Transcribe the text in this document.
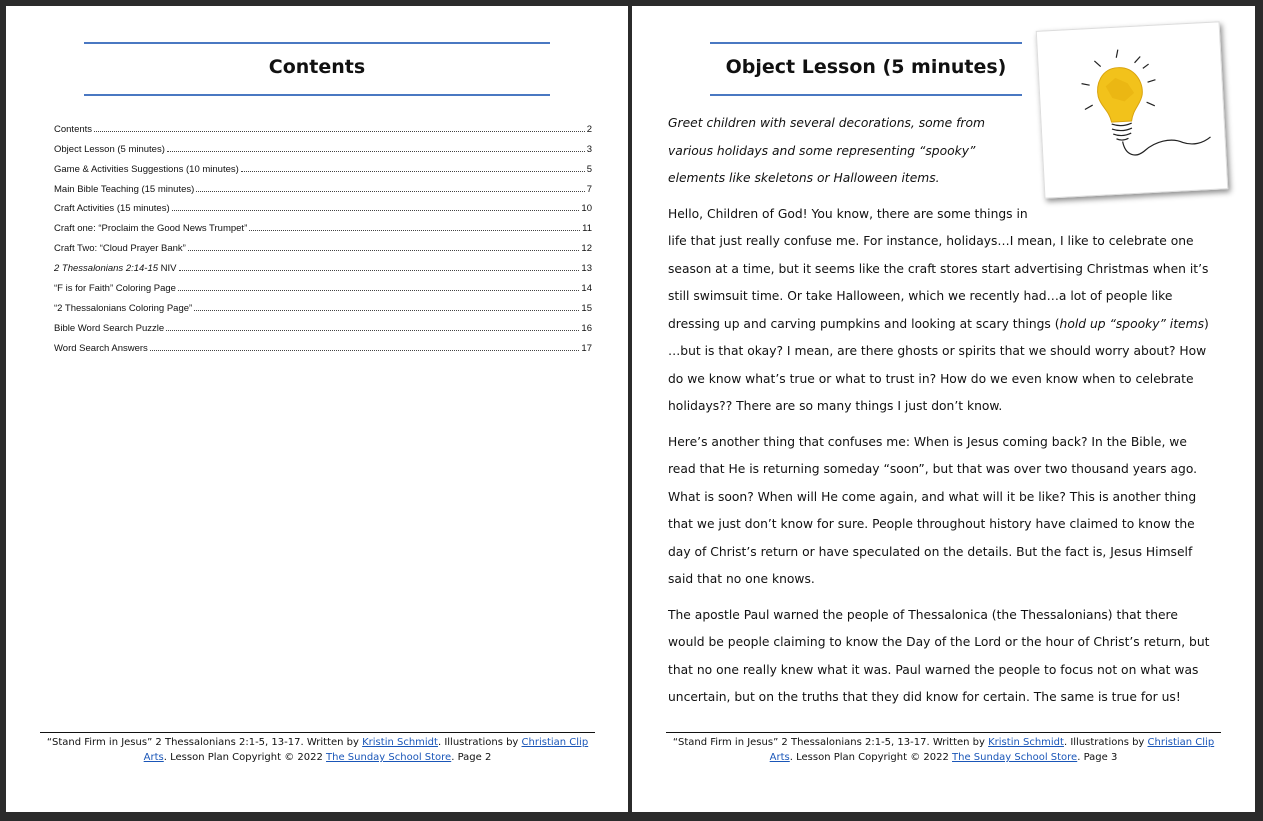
Contents
Contents	2
Object Lesson (5 minutes)	3
Game & Activities Suggestions (10 minutes)	5
Main Bible Teaching (15 minutes)	7
Craft Activities (15 minutes)	10
Craft one: “Proclaim the Good News Trumpet”	11
Craft Two: “Cloud Prayer Bank”	12
2 Thessalonians 2:14-15 NIV	13
“F is for Faith” Coloring Page	14
“2 Thessalonians Coloring Page”	15
Bible Word Search Puzzle	16
Word Search Answers	17
“Stand Firm in Jesus” 2 Thessalonians 2:1-5, 13-17. Written by Kristin Schmidt. Illustrations by Christian Clip
Arts. Lesson Plan Copyright © 2022 The Sunday School Store. Page 2
Object Lesson (5 minutes)

Greet children with several decorations, some from
various holidays and some representing “spooky”
elements like skeletons or Halloween items.

Hello, Children of God! You know, there are some things in
life that just really confuse me. For instance, holidays…I mean, I like to celebrate one season at a time, but it seems like the craft stores start advertising Christmas when it’s still swimsuit time. Or take Halloween, which we recently had…a lot of people like dressing up and carving pumpkins and looking at scary things (hold up “spooky” items) …but is that okay? I mean, are there ghosts or spirits that we should worry about? How do we know what’s true or what to trust in? How do we even know when to celebrate holidays?? There are so many things I just don’t know.

Here’s another thing that confuses me: When is Jesus coming back? In the Bible, we read that He is returning someday “soon”, but that was over two thousand years ago. What is soon? When will He come again, and what will it be like? This is another thing that we just don’t know for sure. People throughout history have claimed to know the day of Christ’s return or have speculated on the details. But the fact is, Jesus Himself said that no one knows.

The apostle Paul warned the people of Thessalonica (the Thessalonians) that there would be people claiming to know the Day of the Lord or the hour of Christ’s return, but that no one really knew what it was. Paul warned the people to focus not on what was uncertain, but on the truths that they did know for certain. The same is true for us!

“Stand Firm in Jesus” 2 Thessalonians 2:1-5, 13-17. Written by Kristin Schmidt. Illustrations by Christian Clip
Arts. Lesson Plan Copyright © 2022 The Sunday School Store. Page 3
